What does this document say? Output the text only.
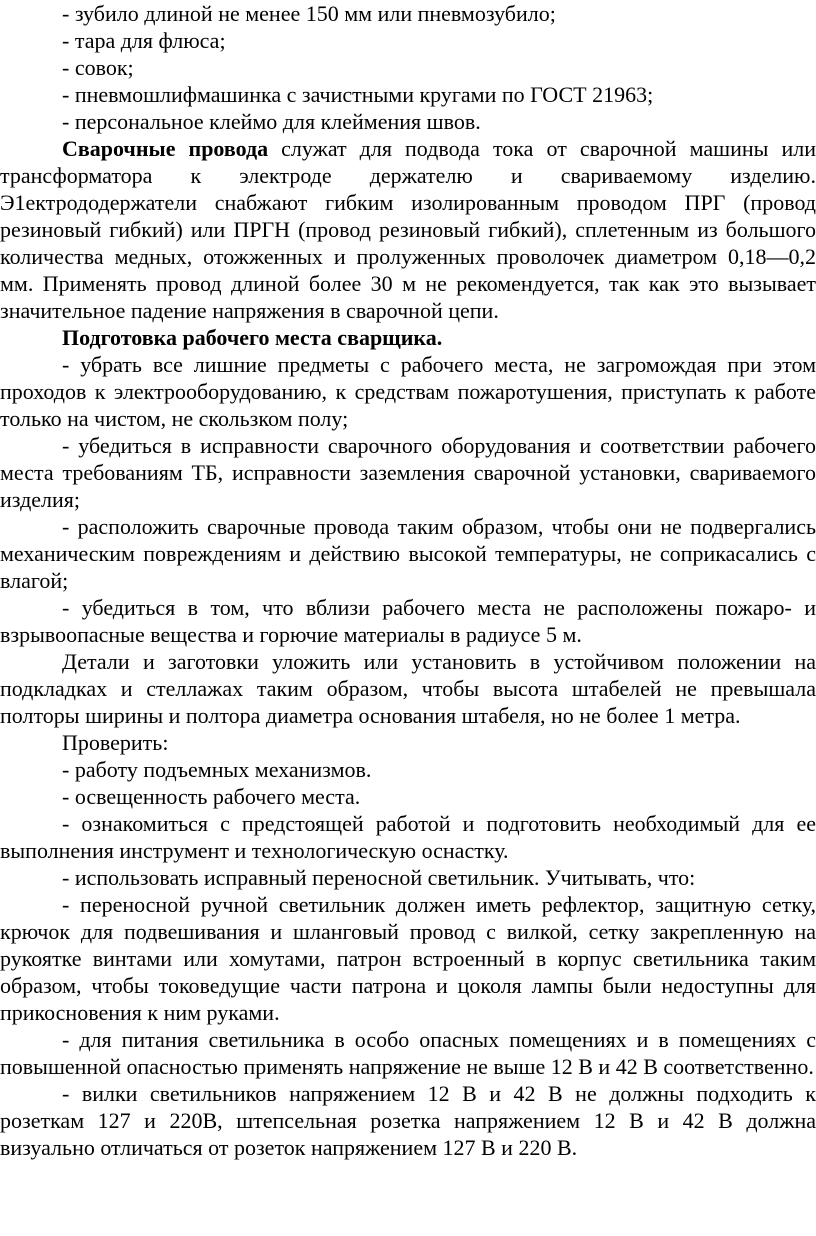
- зубило длиной не менее 150 мм или пневмозубило;

- тара для флюса;

- совок;

- пневмошлифмашинка с зачистными кругами по ГОСТ 21963;

- персональное клеймо для клеймения швов.

Сварочные провода служат для подвода тока от сварочной машины или трансформатора к электроде держателю и свариваемому изделию. Э1ектрододержатели снабжают гибким изолированным проводом ПРГ (провод резиновый гибкий) или ПРГН (провод резиновый гибкий), сплетенным из большого количества медных, отожженных и пролуженных проволочек диаметром 0,18—0,2 мм. Применять провод длиной более 30 м не рекомендуется, так как это вызывает значительное падение напряжения в сварочной цепи.

Подготовка рабочего места сварщика.

- убрать все лишние предметы с рабочего места, не загромождая при этом проходов к электрооборудованию, к средствам пожаротушения, приступать к работе только на чистом, не скользком полу;

- убедиться в исправности сварочного оборудования и соответствии рабочего места требованиям ТБ, исправности заземления сварочной установки, свариваемого изделия;

- расположить сварочные провода таким образом, чтобы они не подвергались механическим повреждениям и действию высокой температуры, не соприкасались с влагой;

- убедиться в том, что вблизи рабочего места не расположены пожаро- и взрывоопасные вещества и горючие материалы в радиусе 5 м.

Детали и заготовки уложить или установить в устойчивом положении на подкладках и стеллажах таким образом, чтобы высота штабелей не превышала полторы ширины и полтора диаметра основания штабеля, но не более 1 метра.

Проверить:

- работу подъемных механизмов.

- освещенность рабочего места.

- ознакомиться с предстоящей работой и подготовить необходимый для ее выполнения инструмент и технологическую оснастку.

- использовать исправный переносной светильник. Учитывать, что:

- переносной ручной светильник должен иметь рефлектор, защитную сетку, крючок для подвешивания и шланговый провод с вилкой, сетку закрепленную на рукоятке винтами или хомутами, патрон встроенный в корпус светильника таким образом, чтобы токоведущие части патрона и цоколя лампы были недоступны для прикосновения к ним руками.

- для питания светильника в особо опасных помещениях и в помещениях с повышенной опасностью применять напряжение не выше 12 В и 42 В соответственно.

- вилки светильников напряжением 12 В и 42 В не должны подходить к розеткам 127 и 220В, штепсельная розетка напряжением 12 В и 42 В должна визуально отличаться от розеток напряжением 127 В и 220 В.
